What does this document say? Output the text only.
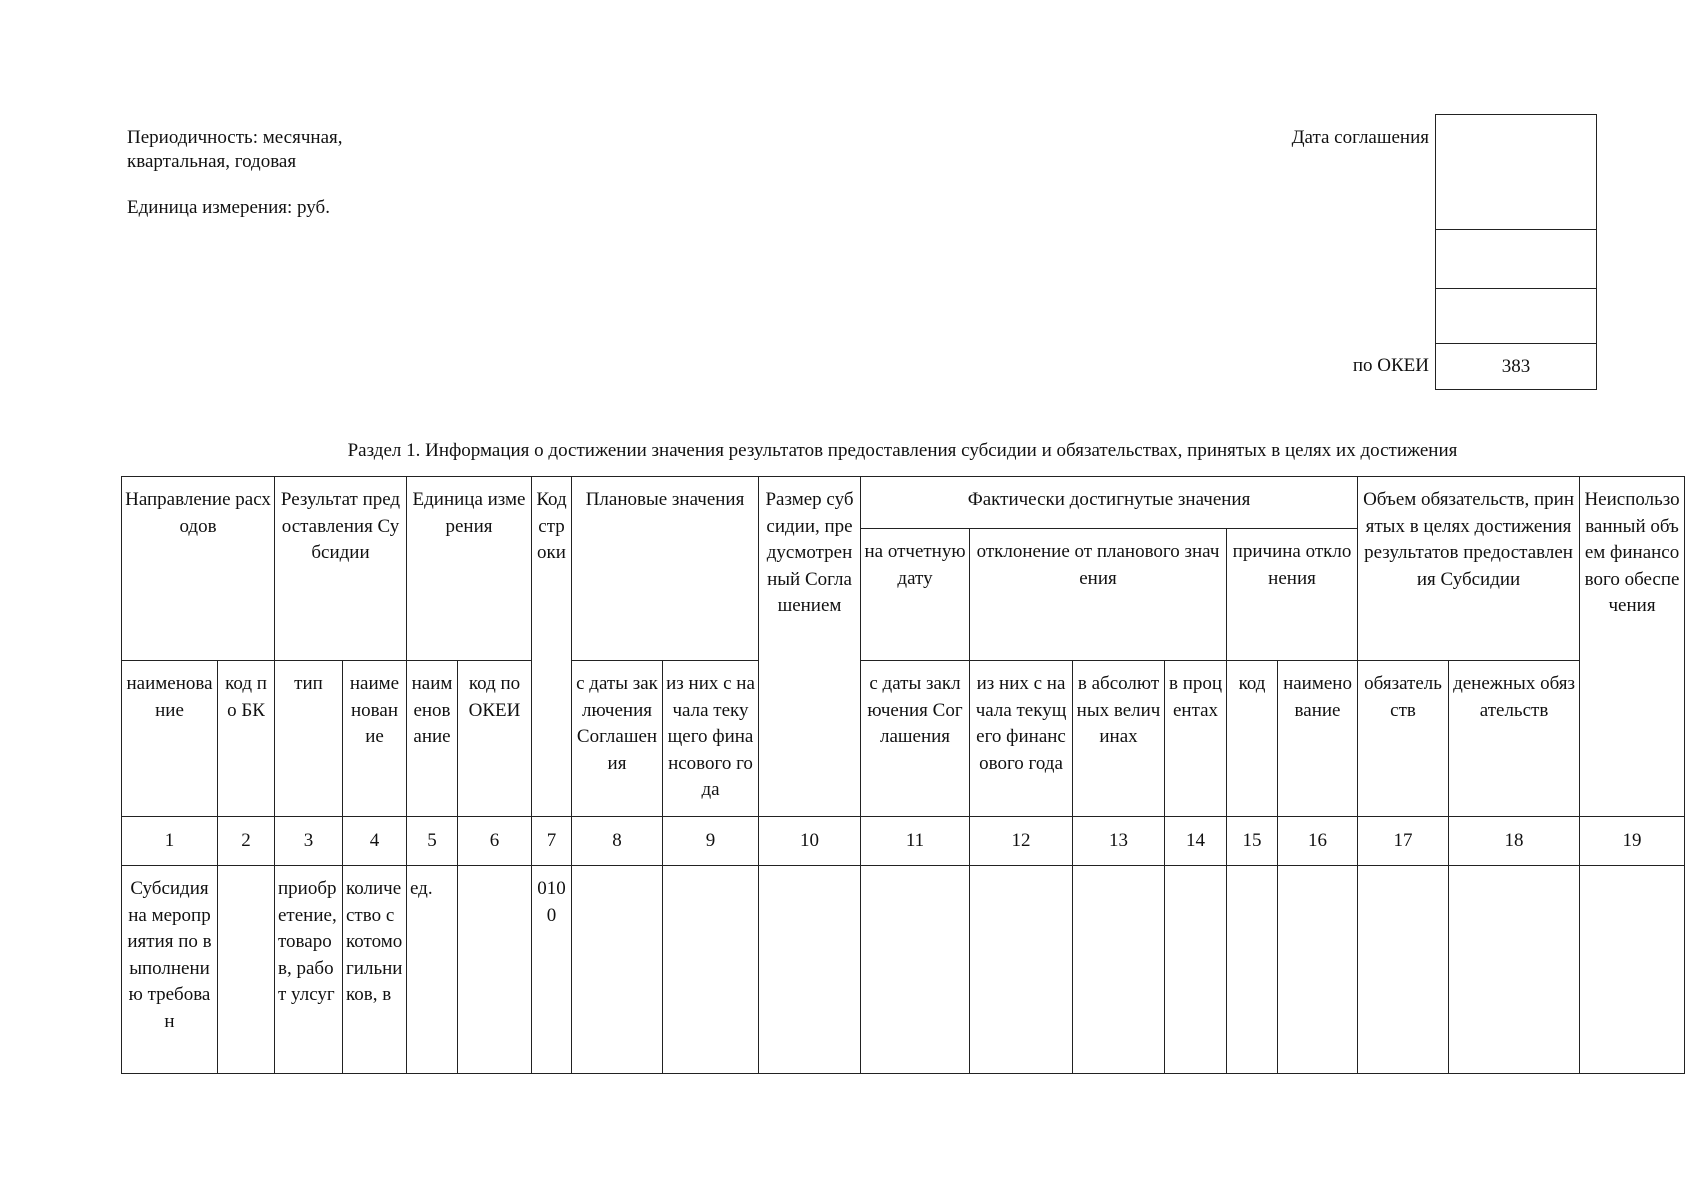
Периодичность: месячная,
квартальная, годовая
Единица измерения: руб.
Дата соглашения
по ОКЕИ	383
Раздел 1. Информация о достижении значения результатов предоставления субсидии и обязательствах, принятых в целях их достижения
Направление расходов		Результат предоставления Субсидии		Единица измерения		Код строки	Плановые значения		Размер субсидии, предусмотренный Соглашением	Фактически достигнутые значения						Объем обязательств, принятых в целях достижения результатов предоставления Субсидии		Неиспользованный объем финансового обеспечения
										на отчетную дату	отклонение от планового значения			причина отклонения				
наименование	код по БК	тип	наименование	наименование	код по ОКЕИ		с даты заключения Соглашения	из них с начала текущего финансового года		с даты заключения Соглашения	из них с начала текущего финансового года	в абсолютных величинах	в процентах	код	наименование	обязательств	денежных обязательств	
1	2	3	4	5	6	7	8	9	10	11	12	13	14	15	16	17	18	19
Субсидия на мероприятия по выполнению требован		приобретение, товаров, работ улсуг	количество скотомогильников, в	ед.		0100												
